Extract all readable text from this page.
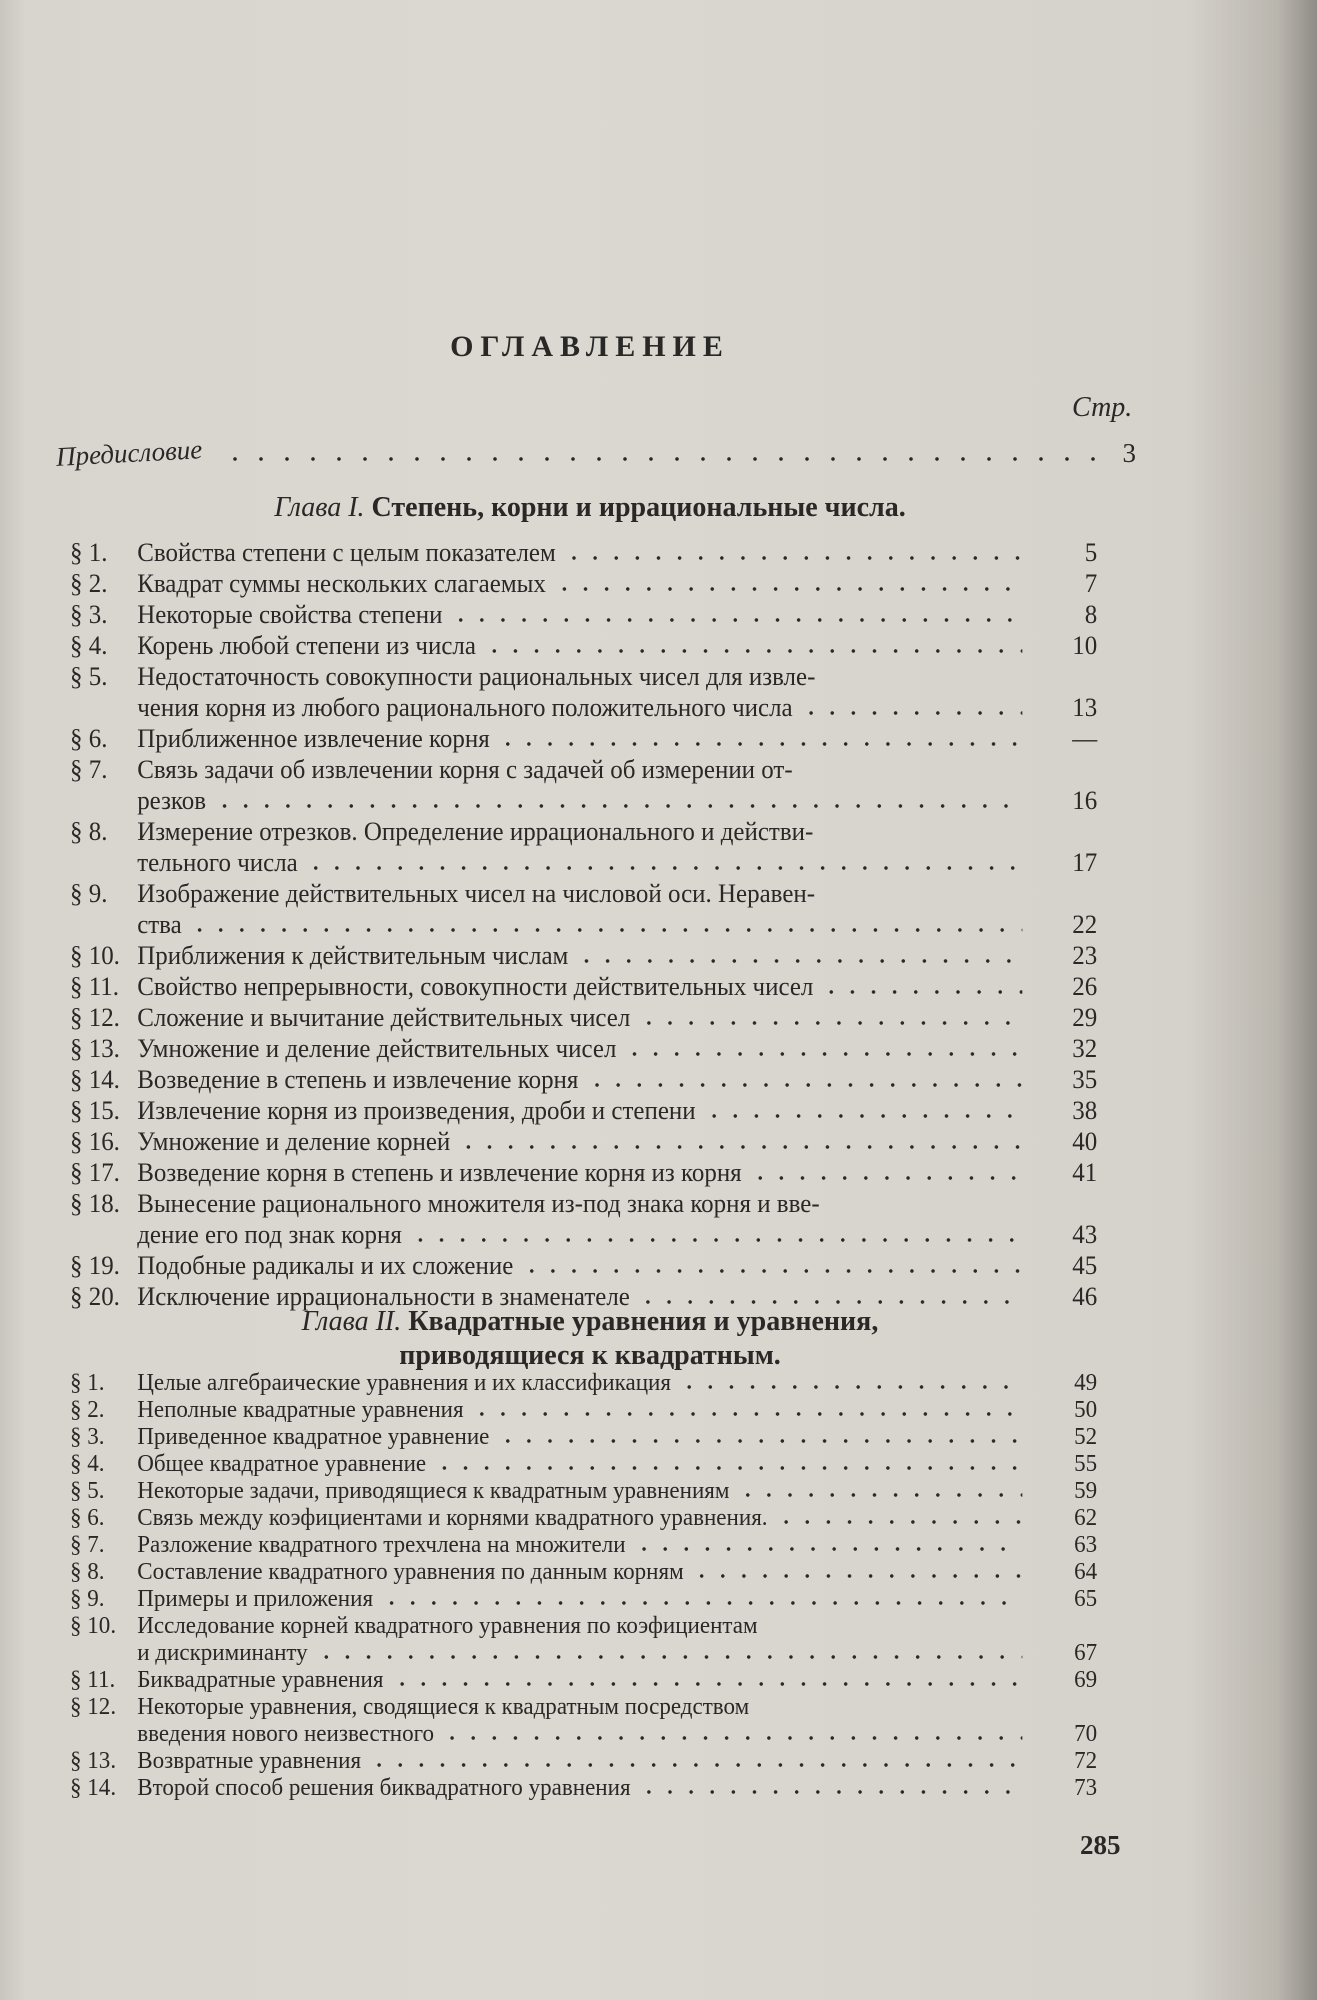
ОГЛАВЛЕНИЕ
Стр.
Предисловие	3
Глава I. Степень, корни и иррациональные числа.
§ 1.	Свойства степени с целым показателем	5
§ 2.	Квадрат суммы нескольких слагаемых	7
§ 3.	Некоторые свойства степени	8
§ 4.	Корень любой степени из числа	10
§ 5.	Недостаточность совокупности рациональных чисел для извле-
чения корня из любого рационального положительного числа	13
§ 6.	Приближенное извлечение корня	—
§ 7.	Связь задачи об извлечении корня с задачей об измерении от-
резков	16
§ 8.	Измерение отрезков. Определение иррационального и действи-
тельного числа	17
§ 9.	Изображение действительных чисел на числовой оси. Неравен-
ства	22
§ 10. Приближения к действительным числам	23
§ 11. Свойство непрерывности, совокупности действительных чисел	26
§ 12. Сложение и вычитание действительных чисел	29
§ 13. Умножение и деление действительных чисел	32
§ 14. Возведение в степень и извлечение корня	35
§ 15. Извлечение корня из произведения, дроби и степени	38
§ 16. Умножение и деление корней	40
§ 17. Возведение корня в степень и извлечение корня из корня	41
§ 18. Вынесение рационального множителя из-под знака корня и вве-
дение его под знак корня	43
§ 19. Подобные радикалы и их сложение	45
§ 20. Исключение иррациональности в знаменателе	46
Глава II. Квадратные уравнения и уравнения,
приводящиеся к квадратным.
§ 1.	Целые алгебраические уравнения и их классификация	49
§ 2.	Неполные квадратные уравнения	50
§ 3.	Приведенное квадратное уравнение	52
§ 4.	Общее квадратное уравнение	55
§ 5.	Некоторые задачи, приводящиеся к квадратным уравнениям	59
§ 6.	Связь между коэфициентами и корнями квадратного уравнения.	62
§ 7.	Разложение квадратного трехчлена на множители	63
§ 8.	Составление квадратного уравнения по данным корням	64
§ 9.	Примеры и приложения	65
§ 10. Исследование корней квадратного уравнения по коэфициентам
и дискриминанту	67
§ 11. Биквадратные уравнения	69
§ 12. Некоторые уравнения, сводящиеся к квадратным посредством
введения нового неизвестного	70
§ 13. Возвратные уравнения	72
§ 14. Второй способ решения биквадратного уравнения	73
285
